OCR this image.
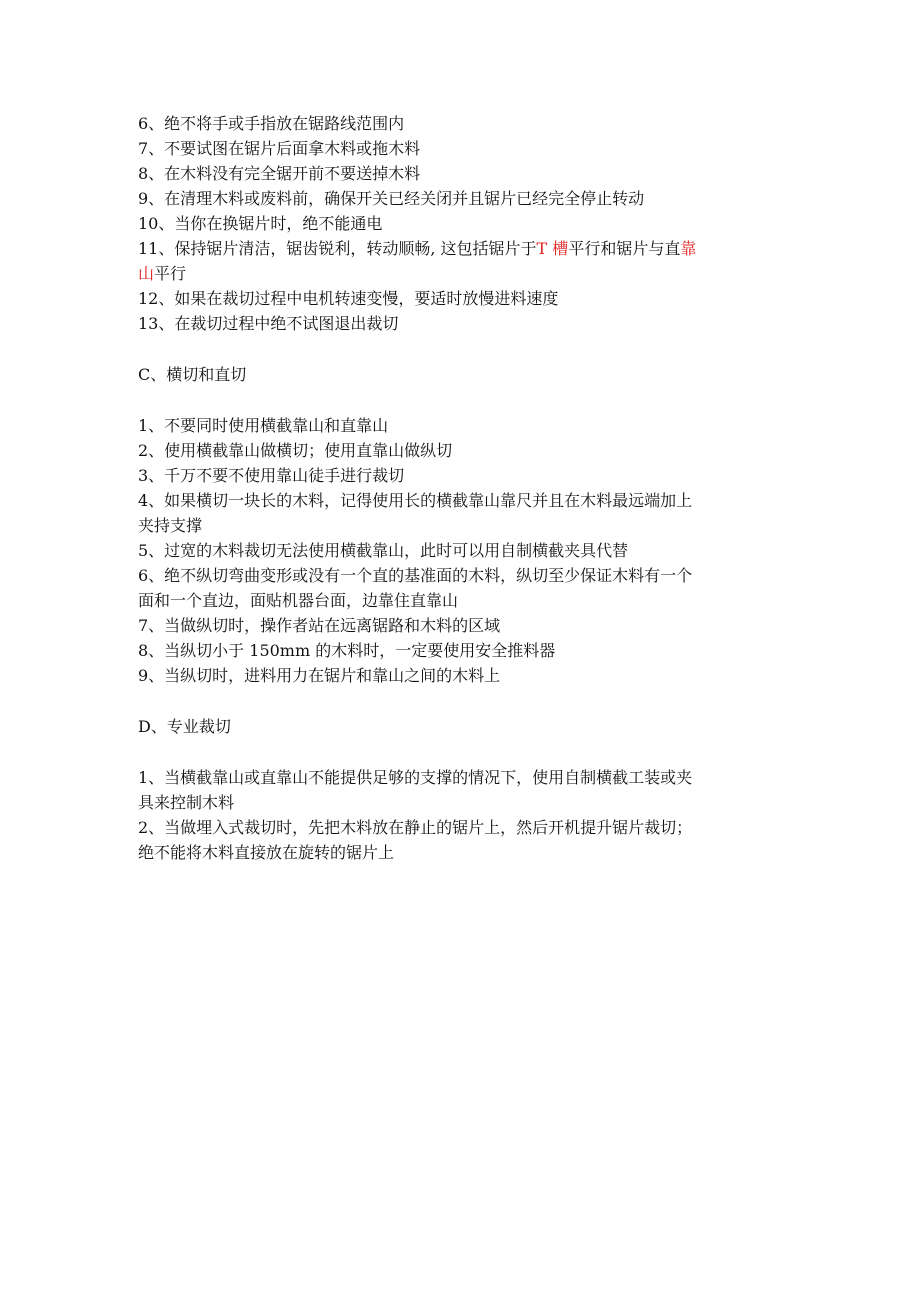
6、绝不将手或手指放在锯路线范围内

7、不要试图在锯片后面拿木料或拖木料

8、在木料没有完全锯开前不要送掉木料

9、在清理木料或废料前，确保开关已经关闭并且锯片已经完全停止转动

10、当你在换锯片时，绝不能通电

11、保持锯片清洁，锯齿锐利，转动顺畅, 这包括锯片于T 槽平行和锯片与直靠

山平行

12、如果在裁切过程中电机转速变慢，要适时放慢进料速度

13、在裁切过程中绝不试图退出裁切

C、横切和直切

1、不要同时使用横截靠山和直靠山

2、使用横截靠山做横切；使用直靠山做纵切

3、千万不要不使用靠山徒手进行裁切

4、如果横切一块长的木料，记得使用长的横截靠山靠尺并且在木料最远端加上

夹持支撑

5、过宽的木料裁切无法使用横截靠山，此时可以用自制横截夹具代替

6、绝不纵切弯曲变形或没有一个直的基准面的木料，纵切至少保证木料有一个

面和一个直边，面贴机器台面，边靠住直靠山

7、当做纵切时，操作者站在远离锯路和木料的区域

8、当纵切小于 150mm 的木料时，一定要使用安全推料器

9、当纵切时，进料用力在锯片和靠山之间的木料上

D、专业裁切

1、当横截靠山或直靠山不能提供足够的支撑的情况下，使用自制横截工装或夹

具来控制木料

2、当做埋入式裁切时，先把木料放在静止的锯片上，然后开机提升锯片裁切；

绝不能将木料直接放在旋转的锯片上
